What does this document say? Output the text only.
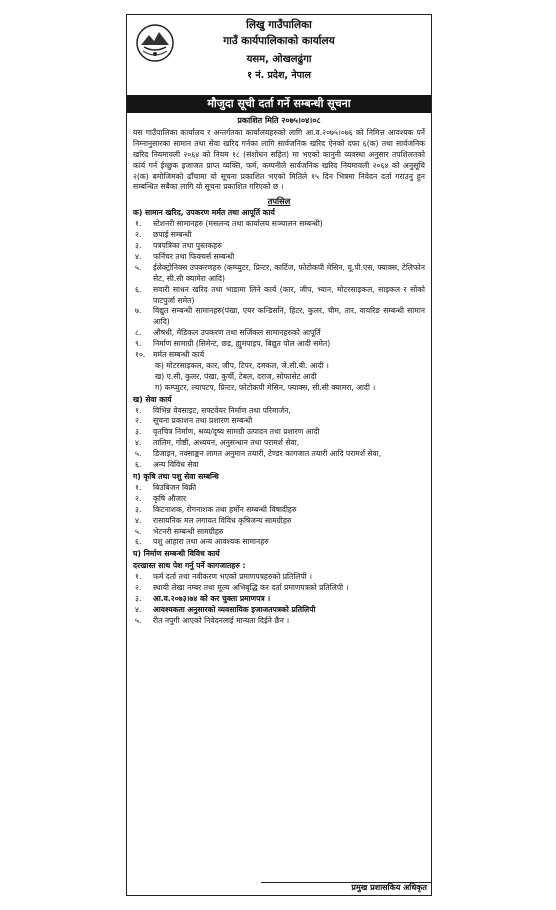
लिखु गाउँपालिका
गाउँ कार्यपालिकाको कार्यालय
यसम, ओखलढुंगा
१ नं. प्रदेश, नेपाल
मौजुदा सूची दर्ता गर्ने सम्बन्धी सूचना
प्रकाशित मिति २०७५।०४।०८

यस गाउँपालिका कार्यालय र अन्तर्गतका कार्यालयहरुको लागि आ.व.२०७५।०७६ को निमित्त आवश्यक पर्ने निम्नानुसारका सामान तथा सेवा खरिद गर्नका लागि सार्वजनिक खरिद ऐनको दफा ६(क) तथा सार्वजनिक खरिद नियमावली २०६४ को नियम १८ (संशोधन सहित) मा भएको कानुनी व्यवस्था अनुसार तपशिलतको कार्य गर्न ईच्छुक इजाजत प्राप्त व्यक्ति, फर्म, कम्पनीले सार्वजनिक खरिद नियमावली २०६४ को अनुसूचि २(क) बमोजिमको ढाँचामा यो सूचना प्रकाशित भएको मितिले १५ दिन भित्रमा निवेदन दर्ता गराउनु हुन सम्बन्धित सबैका लागि यो सूचना प्रकाशित गरिएको छ ।

तपसिल
क) सामान खरिद, उपकरण मर्मत तथा आपूर्ति कार्य
१.	स्टेशनरी सामानहरु (मसलन्द तथा कार्यालय सञ्चालन सम्बन्धी)
२.	छपाई सम्बन्धी
३.	पत्रपत्रिका तथा पुस्तकहरु
४.	फर्निचर तथा फिक्चर्स सम्बन्धी
५.	ईलेक्ट्रोनिक्स उपकरणहरु (कम्प्युटर, प्रिन्टर, कार्टिज, फोटोकपी मेसिन, यू.पी.एस, फ्याक्स, टेलिफोन सेट, सी.सी क्यामेरा आदि)
६.	सवारी साधन खरिद तथा भाडामा लिने कार्य (कार, जीप, भ्यान, मोटरसाइकल, साइकल र सोको पाटपुर्जा समेत)
७.	विद्युत सम्बन्धी सामानहरु(पंखा, एयर कन्डिसनि, हिटर, कुलर, चीम, तार, वायरिङ सम्बन्धी सामान आदि)
८.	औषधी, मेडिकल उपकरण तथा सर्जिकल सामानहरुको आपूर्ति
९.	निर्माण सामाग्री (सिमेन्ट, छड, ह्युमपाइप, बिद्युत पोल आदी समेत)
१०.	मर्मत सम्बन्धी कार्य
क) मोटरसाइकल, कार, जीप, टिपर, दमकल, जे.सी.बी. आदी ।
ख) ए.सी, कुलर, पंखा, कुर्ची, टेबल, दराज, सोफासेट आदी
ग) कम्प्युटर, ल्यापटप, प्रिन्टर, फोटोकपी मेसिन, फ्याक्स, सी.सी क्यामरा, आदी ।
ख) सेवा कार्य
१.	विभिन्न वेवसाइट, सफ्टवेयर निर्माण तथा परिमार्जन,
२.	सूचना प्रकाशन तथा प्रशारण सम्बन्धी
३.	वृतचित्र निर्माण, श्रव्य/दृष्य सामग्री उत्पादन तथा प्रशारण आदी
४.	तालिम, गोष्ठी, अध्ययन, अनुसन्धान तथा परामर्श सेवा,
५.	डिजाइन, नक्साङ्कन लागत अनुमान तयारी, टेण्डर कागजात तयारी आदि परामर्श सेवा,
६.	अन्य विविध सेवा
ग) कृषि तथा पशु सेवा सम्बन्धि
१.	बिउबिजन बिक्री
२.	कृषि औजार
३.	किटनाशक, रोगनाशक तथा हर्मोन सम्बन्धी विषादीहरु
४.	रासायनिक मल लगायत विविध कृषिजन्य सामग्रीहरु
५.	भेटनरी सम्बन्धी सामग्रीहरु
६.	पशु आहारा तथा अन्य आवश्यक सामानहरु
घ) निर्माण सम्बन्धी विविध कार्य
दरखास्त साथ पेश गर्नु पर्ने कागजातहरु :
१.	फर्म दर्ता तथा नवीकरण भएको प्रमाणपत्रहरुको प्रतिलिपी ।
२.	स्थायी लेखा नम्बर तथा मूल्य अभिबृद्धि कर दर्ता प्रमाणपत्रको प्रतिलिपी ।
३.	आ.व.२०७३।७४ को कर चुक्ता प्रमाणपत्र ।
४.	आवश्यकता अनुसारको व्यवसायिक इजाजतपत्रको प्रतिलिपी
५.	रीत नपुगी आएको निवेदनलाई मान्यता दिईने छैन ।
प्रमुख प्रशासकिय अधिकृत
